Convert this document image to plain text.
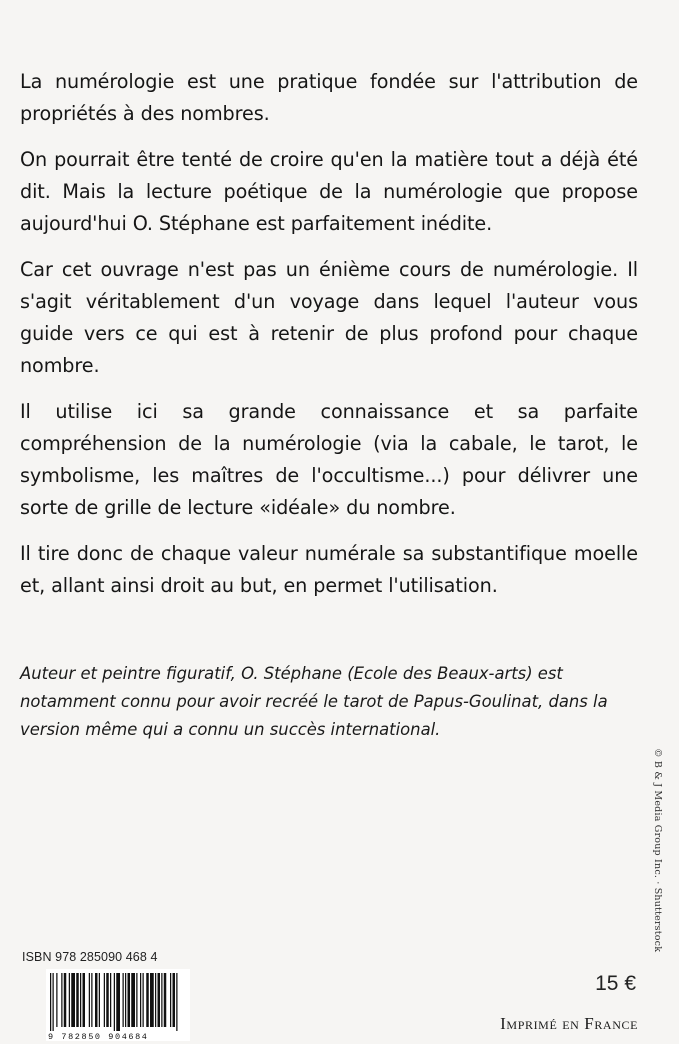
La numérologie est une pratique fondée sur l'attribution de propriétés à des nombres.

On pourrait être tenté de croire qu'en la matière tout a déjà été dit. Mais la lecture poétique de la numérologie que propose aujourd'hui O. Stéphane est parfaitement inédite.

Car cet ouvrage n'est pas un énième cours de numérologie. Il s'agit véritablement d'un voyage dans lequel l'auteur vous guide vers ce qui est à retenir de plus profond pour chaque nombre.

Il utilise ici sa grande connaissance et sa parfaite compréhension de la numérologie (via la cabale, le tarot, le symbolisme, les maîtres de l'occultisme...) pour délivrer une sorte de grille de lecture «idéale» du nombre.

Il tire donc de chaque valeur numérale sa substantifique moelle et, allant ainsi droit au but, en permet l'utilisation.

Auteur et peintre figuratif, O. Stéphane (Ecole des Beaux-arts) est notamment connu pour avoir recréé le tarot de Papus-Goulinat, dans la version même qui a connu un succès international.

© B & J Media Group Inc. · Shutterstock
ISBN 978 285090 468 4
9 782850 904684
15 €
Imprimé en France
